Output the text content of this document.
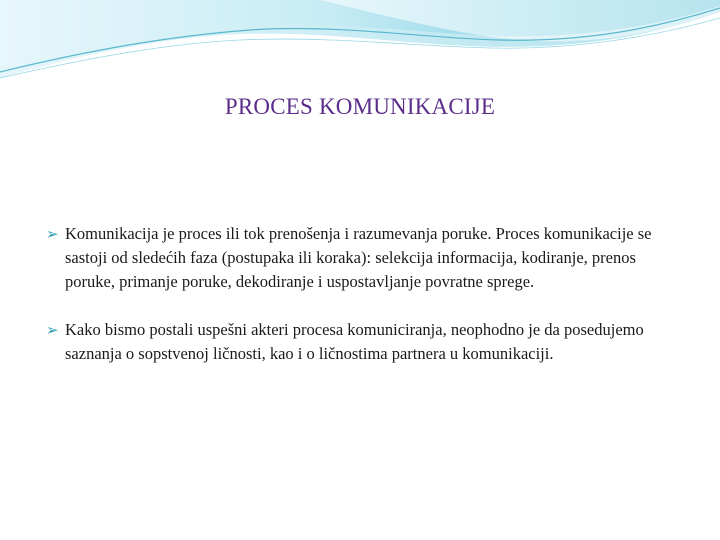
PROCES KOMUNIKACIJE
➢ Komunikacija je proces ili tok prenošenja i razumevanja poruke. Proces komunikacije se sastoji od sledećih faza (postupaka ili koraka): selekcija informacija, kodiranje, prenos poruke, primanje poruke, dekodiranje i uspostavljanje povratne sprege.
➢ Kako bismo postali uspešni akteri procesa komuniciranja, neophodno je da posedujemo saznanja o sopstvenoj ličnosti, kao i o ličnostima partnera u komunikaciji.
